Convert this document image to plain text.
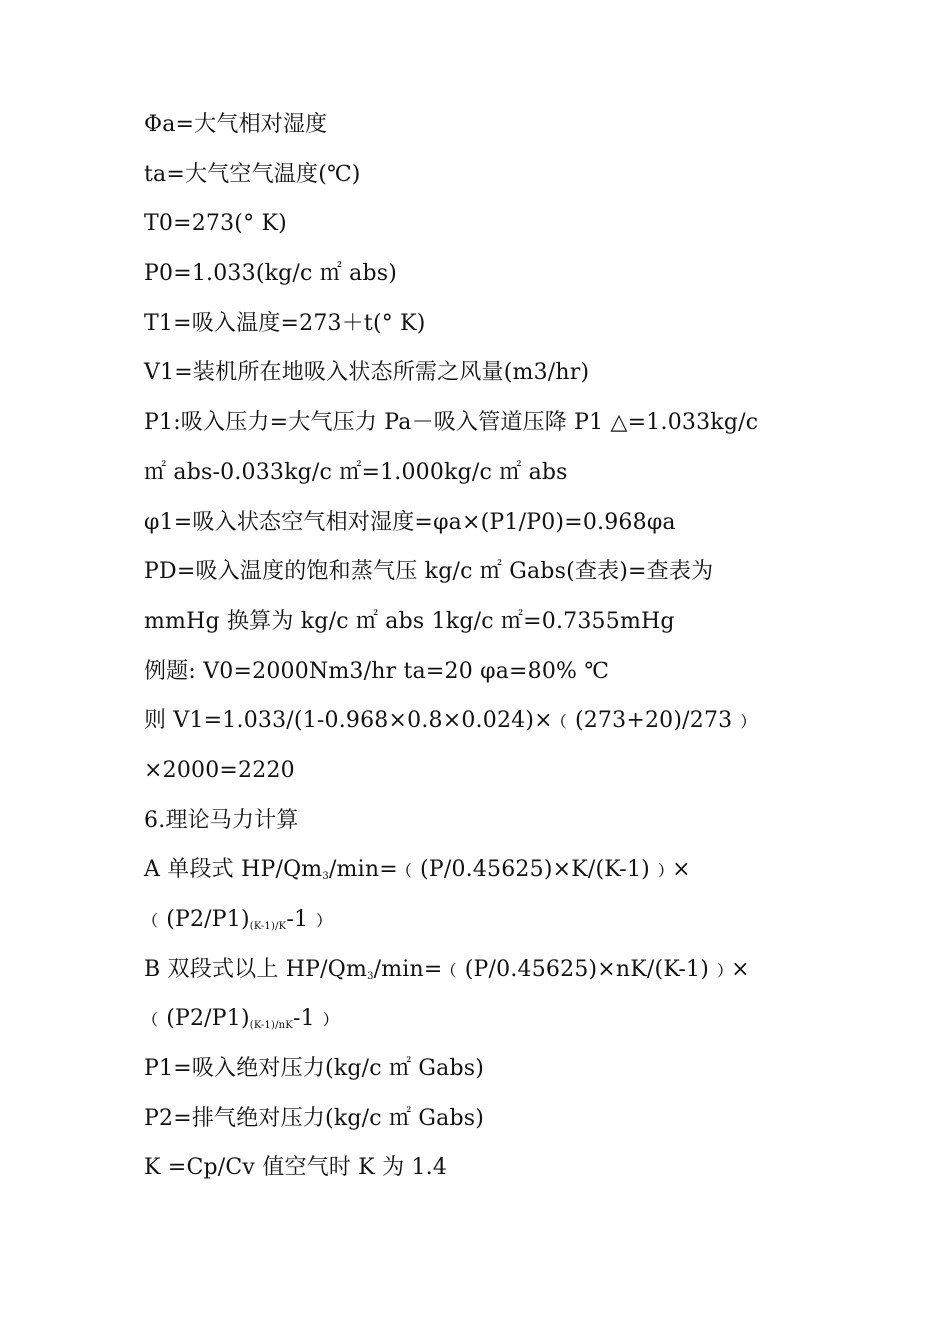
Φa=大气相对湿度
ta=大气空气温度(℃)
T0=273(° K)
P0=1.033(kg/c ㎡ abs)
T1=吸入温度=273＋t(° K)
V1=装机所在地吸入状态所需之风量(m3/hr)
P1:吸入压力=大气压力 Pa－吸入管道压降 P1 △=1.033kg/c
㎡ abs-0.033kg/c ㎡=1.000kg/c ㎡ abs
φ1=吸入状态空气相对湿度=φa×(P1/P0)=0.968φa
PD=吸入温度的饱和蒸气压 kg/c ㎡ Gabs(查表)=查表为
mmHg 换算为 kg/c ㎡ abs 1kg/c ㎡=0.7355mHg
例题: V0=2000Nm3/hr ta=20 φa=80% ℃
则 V1=1.033/(1-0.968×0.8×0.024)×﹙(273+20)/273﹚
×2000=2220
6.理论马力计算
A 单段式 $HP/Qm_3/\min=﹙(P/0.45625)\times K/(K-1)﹚\times$
$﹙(P2/P1)_{(K-1)/K}-1﹚$
B 双段式以上 $HP/Qm_3/\min=﹙(P/0.45625)\times nK/(K-1)﹚\times$
$﹙(P2/P1)_{(K-1)/nK}-1﹚$
P1=吸入绝对压力(kg/c ㎡ Gabs)
P2=排气绝对压力(kg/c ㎡ Gabs)
K =Cp/Cv 值空气时 K 为 1.4
